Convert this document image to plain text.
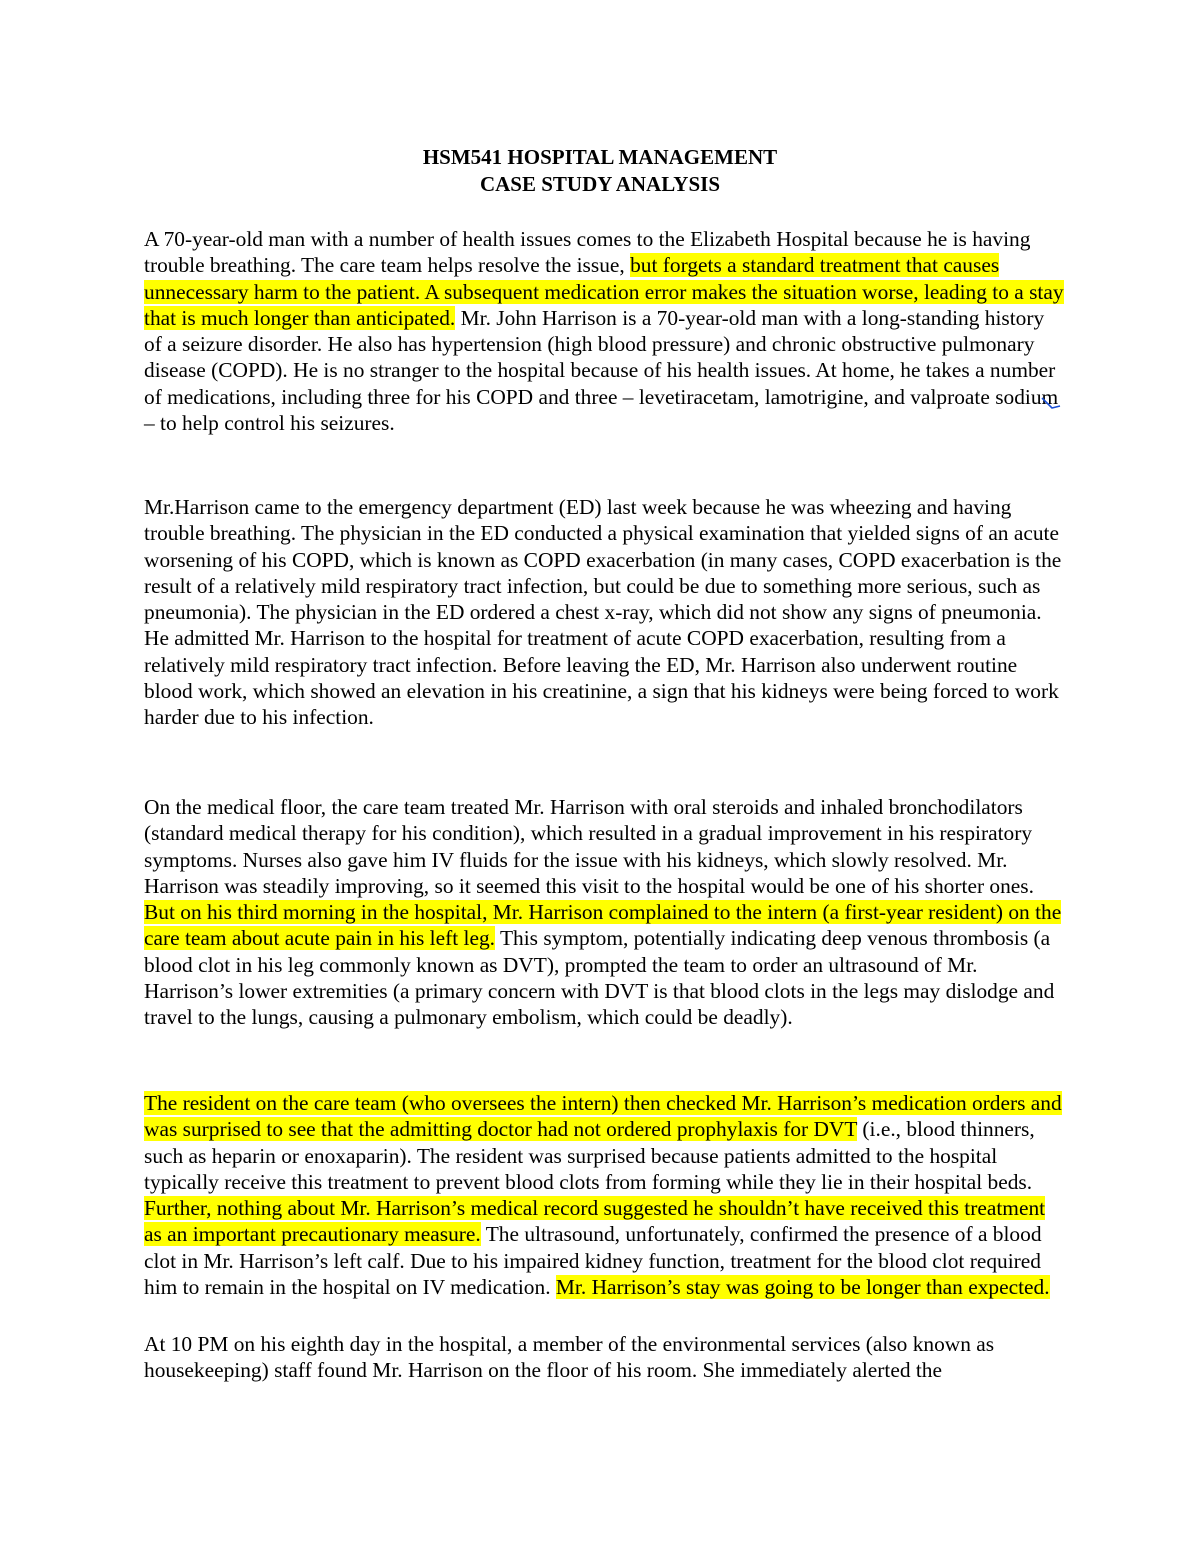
HSM541 HOSPITAL MANAGEMENT
CASE STUDY ANALYSIS

A 70-year-old man with a number of health issues comes to the Elizabeth Hospital because he is having trouble breathing. The care team helps resolve the issue, but forgets a standard treatment that causes unnecessary harm to the patient. A subsequent medication error makes the situation worse, leading to a stay that is much longer than anticipated. Mr. John Harrison is a 70-year-old man with a long-standing history of a seizure disorder. He also has hypertension (high blood pressure) and chronic obstructive pulmonary disease (COPD). He is no stranger to the hospital because of his health issues. At home, he takes a number of medications, including three for his COPD and three – levetiracetam, lamotrigine, and valproate sodium – to help control his seizures.

Mr.Harrison came to the emergency department (ED) last week because he was wheezing and having trouble breathing. The physician in the ED conducted a physical examination that yielded signs of an acute worsening of his COPD, which is known as COPD exacerbation (in many cases, COPD exacerbation is the result of a relatively mild respiratory tract infection, but could be due to something more serious, such as pneumonia). The physician in the ED ordered a chest x-ray, which did not show any signs of pneumonia. He admitted Mr. Harrison to the hospital for treatment of acute COPD exacerbation, resulting from a relatively mild respiratory tract infection. Before leaving the ED, Mr. Harrison also underwent routine blood work, which showed an elevation in his creatinine, a sign that his kidneys were being forced to work harder due to his infection.

On the medical floor, the care team treated Mr. Harrison with oral steroids and inhaled bronchodilators (standard medical therapy for his condition), which resulted in a gradual improvement in his respiratory symptoms. Nurses also gave him IV fluids for the issue with his kidneys, which slowly resolved. Mr. Harrison was steadily improving, so it seemed this visit to the hospital would be one of his shorter ones. But on his third morning in the hospital, Mr. Harrison complained to the intern (a first-year resident) on the care team about acute pain in his left leg. This symptom, potentially indicating deep venous thrombosis (a blood clot in his leg commonly known as DVT), prompted the team to order an ultrasound of Mr. Harrison’s lower extremities (a primary concern with DVT is that blood clots in the legs may dislodge and travel to the lungs, causing a pulmonary embolism, which could be deadly).

The resident on the care team (who oversees the intern) then checked Mr. Harrison’s medication orders and was surprised to see that the admitting doctor had not ordered prophylaxis for DVT (i.e., blood thinners, such as heparin or enoxaparin). The resident was surprised because patients admitted to the hospital typically receive this treatment to prevent blood clots from forming while they lie in their hospital beds. Further, nothing about Mr. Harrison’s medical record suggested he shouldn’t have received this treatment as an important precautionary measure. The ultrasound, unfortunately, confirmed the presence of a blood clot in Mr. Harrison’s left calf. Due to his impaired kidney function, treatment for the blood clot required him to remain in the hospital on IV medication. Mr. Harrison’s stay was going to be longer than expected.

At 10 PM on his eighth day in the hospital, a member of the environmental services (also known as housekeeping) staff found Mr. Harrison on the floor of his room. She immediately alerted the
